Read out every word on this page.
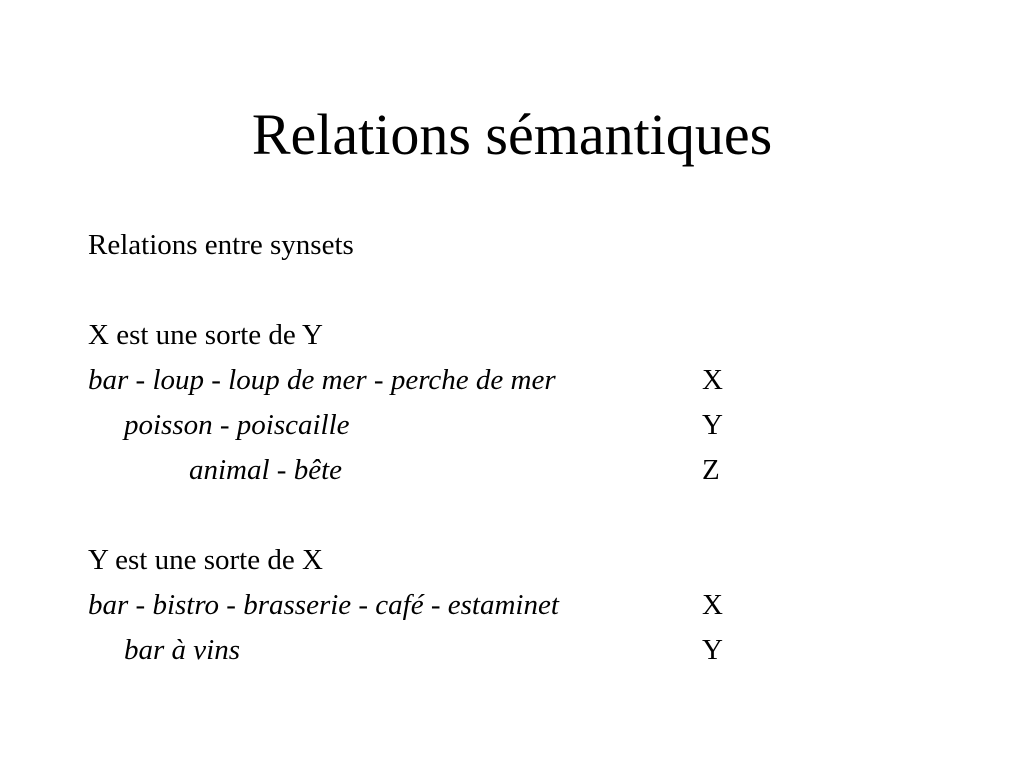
Relations sémantiques
Relations entre synsets
X est une sorte de Y
bar - loup - loup de mer - perche de mer	X
poisson - poiscaille	Y
animal - bête	Z
Y est une sorte de X
bar - bistro - brasserie - café - estaminet	X
bar à vins	Y
